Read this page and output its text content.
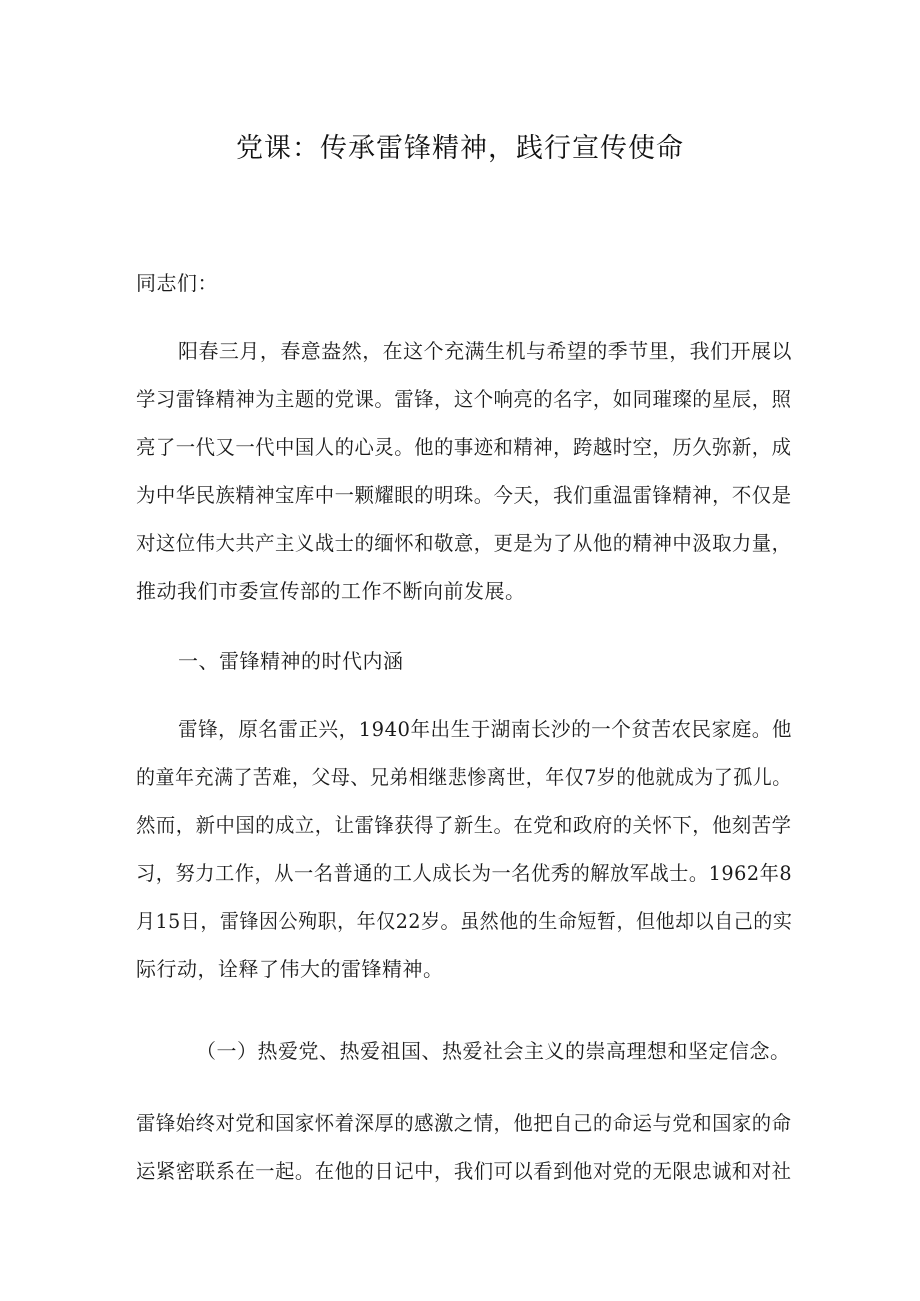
党课：传承雷锋精神，践行宣传使命
同志们：
阳春三月，春意盎然，在这个充满生机与希望的季节里，我们开展以
学习雷锋精神为主题的党课。雷锋，这个响亮的名字，如同璀璨的星辰，照
亮了一代又一代中国人的心灵。他的事迹和精神，跨越时空，历久弥新，成
为中华民族精神宝库中一颗耀眼的明珠。今天，我们重温雷锋精神，不仅是
对这位伟大共产主义战士的缅怀和敬意，更是为了从他的精神中汲取力量，
推动我们市委宣传部的工作不断向前发展。
一、雷锋精神的时代内涵
雷锋，原名雷正兴，1940年出生于湖南长沙的一个贫苦农民家庭。他
的童年充满了苦难，父母、兄弟相继悲惨离世，年仅7岁的他就成为了孤儿。
然而，新中国的成立，让雷锋获得了新生。在党和政府的关怀下，他刻苦学
习，努力工作，从一名普通的工人成长为一名优秀的解放军战士。1962年8
月15日，雷锋因公殉职，年仅22岁。虽然他的生命短暂，但他却以自己的实
际行动，诠释了伟大的雷锋精神。
（一）热爱党、热爱祖国、热爱社会主义的崇高理想和坚定信念。
雷锋始终对党和国家怀着深厚的感激之情，他把自己的命运与党和国家的命
运紧密联系在一起。在他的日记中，我们可以看到他对党的无限忠诚和对社
